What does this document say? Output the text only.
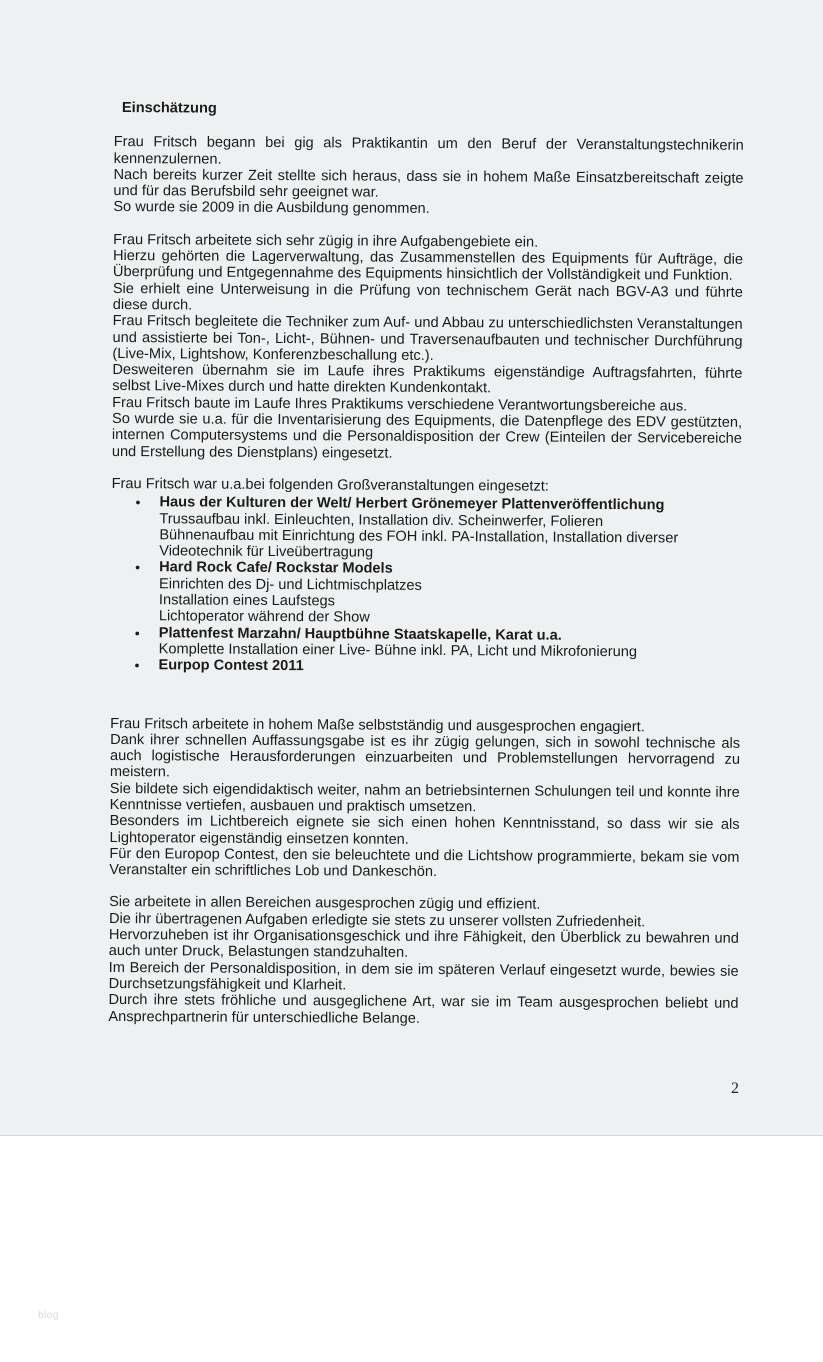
Einschätzung

Frau Fritsch begann bei gig als Praktikantin um den Beruf der Veranstaltungstechnikerin kennenzulernen.

Nach bereits kurzer Zeit stellte sich heraus, dass sie in hohem Maße Einsatzbereitschaft zeigte und für das Berufsbild sehr geeignet war.

So wurde sie 2009 in die Ausbildung genommen.

Frau Fritsch arbeitete sich sehr zügig in ihre Aufgabengebiete ein.

Hierzu gehörten die Lagerverwaltung, das Zusammenstellen des Equipments für Aufträge, die Überprüfung und Entgegennahme des Equipments hinsichtlich der Vollständigkeit und Funktion.

Sie erhielt eine Unterweisung in die Prüfung von technischem Gerät nach BGV-A3 und führte diese durch.

Frau Fritsch begleitete die Techniker zum Auf- und Abbau zu unterschiedlichsten Veranstaltungen und assistierte bei Ton-, Licht-, Bühnen- und Traversenaufbauten und technischer Durchführung (Live-Mix, Lightshow, Konferenzbeschallung etc.).

Desweiteren übernahm sie im Laufe ihres Praktikums eigenständige Auftragsfahrten, führte selbst Live-Mixes durch und hatte direkten Kundenkontakt.

Frau Fritsch baute im Laufe Ihres Praktikums verschiedene Verantwortungsbereiche aus.

So wurde sie u.a. für die Inventarisierung des Equipments, die Datenpflege des EDV gestützten, internen Computersystems und die Personaldisposition der Crew (Einteilen der Servicebereiche und Erstellung des Dienstplans) eingesetzt.

Frau Fritsch war u.a.bei folgenden Großveranstaltungen eingesetzt:

• Haus der Kulturen der Welt/ Herbert Grönemeyer Plattenveröffentlichung
Trussaufbau inkl. Einleuchten, Installation div. Scheinwerfer, Folieren
Bühnenaufbau mit Einrichtung des FOH inkl. PA-Installation, Installation diverser Videotechnik für Liveübertragung
• Hard Rock Cafe/ Rockstar Models
Einrichten des Dj- und Lichtmischplatzes
Installation eines Laufstegs
Lichtoperator während der Show
• Plattenfest Marzahn/ Hauptbühne Staatskapelle, Karat u.a.
Komplette Installation einer Live- Bühne inkl. PA, Licht und Mikrofonierung
• Eurpop Contest 2011

Frau Fritsch arbeitete in hohem Maße selbstständig und ausgesprochen engagiert.

Dank ihrer schnellen Auffassungsgabe ist es ihr zügig gelungen, sich in sowohl technische als auch logistische Herausforderungen einzuarbeiten und Problemstellungen hervorragend zu meistern.

Sie bildete sich eigendidaktisch weiter, nahm an betriebsinternen Schulungen teil und konnte ihre Kenntnisse vertiefen, ausbauen und praktisch umsetzen.

Besonders im Lichtbereich eignete sie sich einen hohen Kenntnisstand, so dass wir sie als Lightoperator eigenständig einsetzen konnten.

Für den Europop Contest, den sie beleuchtete und die Lichtshow programmierte, bekam sie vom Veranstalter ein schriftliches Lob und Dankeschön.

Sie arbeitete in allen Bereichen ausgesprochen zügig und effizient.

Die ihr übertragenen Aufgaben erledigte sie stets zu unserer vollsten Zufriedenheit.

Hervorzuheben ist ihr Organisationsgeschick und ihre Fähigkeit, den Überblick zu bewahren und auch unter Druck, Belastungen standzuhalten.

Im Bereich der Personaldisposition, in dem sie im späteren Verlauf eingesetzt wurde, bewies sie Durchsetzungsfähigkeit und Klarheit.

Durch ihre stets fröhliche und ausgeglichene Art, war sie im Team ausgesprochen beliebt und Ansprechpartnerin für unterschiedliche Belange.

2
blog
